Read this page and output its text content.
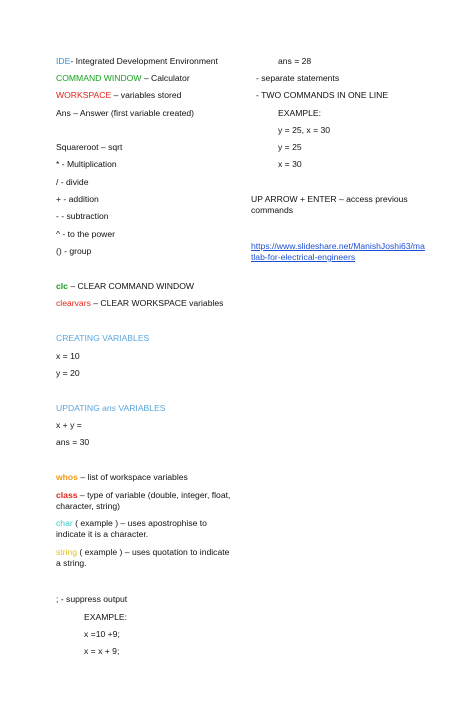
IDE- Integrated Development Environment
COMMAND WINDOW – Calculator
WORKSPACE – variables stored
Ans – Answer (first variable created)
Squareroot – sqrt
* - Multiplication
/ - divide
+ - addition
- - subtraction
^ - to the power
() - group
clc – CLEAR COMMAND WINDOW
clearvars – CLEAR WORKSPACE variables
CREATING VARIABLES
x = 10
y = 20
UPDATING ans VARIABLES
x + y =
ans = 30
whos – list of workspace variables
class – type of variable (double, integer, float, character, string)
char ( example ) – uses apostrophise to indicate it is a character.
string ( example ) – uses quotation to indicate a string.
; - suppress output
EXAMPLE:
x =10 +9;
x = x + 9;
ans = 28
- separate statements
- TWO COMMANDS IN ONE LINE
EXAMPLE:
y = 25, x = 30
y = 25
x = 30
UP ARROW + ENTER – access previous commands
https://www.slideshare.net/ManishJoshi63/matlab-for-electrical-engineers
